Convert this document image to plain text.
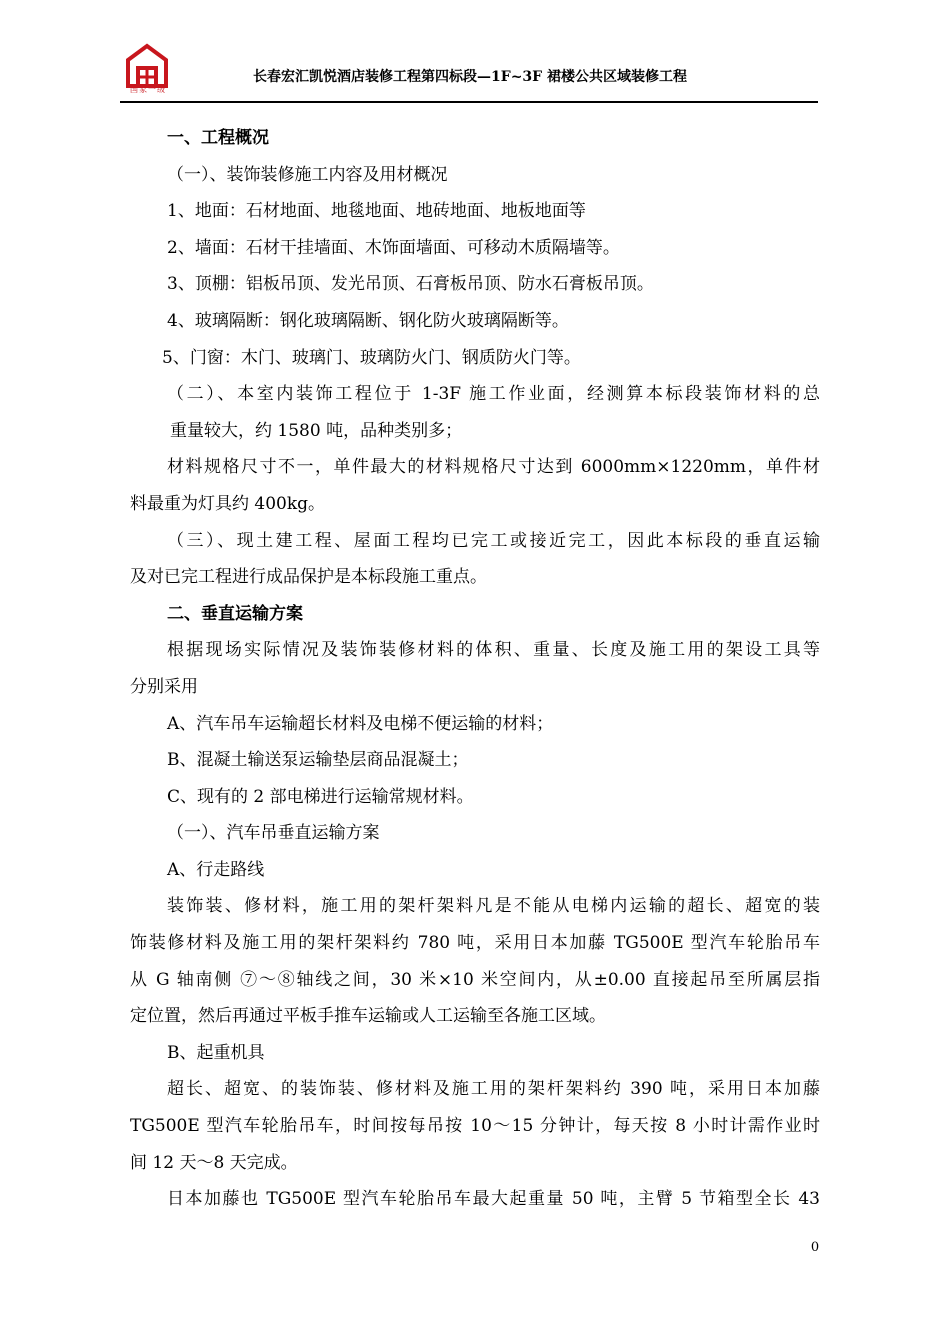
国家一级
长春宏汇凯悦酒店装修工程第四标段—1F~3F 裙楼公共区域装修工程

一、工程概况

（一）、装饰装修施工内容及用材概况

1、地面：石材地面、地毯地面、地砖地面、地板地面等

2、墙面：石材干挂墙面、木饰面墙面、可移动木质隔墙等。

3、顶棚：铝板吊顶、发光吊顶、石膏板吊顶、防水石膏板吊顶。

4、玻璃隔断：钢化玻璃隔断、钢化防火玻璃隔断等。

5、门窗：木门、玻璃门、玻璃防火门、钢质防火门等。

（二）、本室内装饰工程位于 1-3F 施工作业面，经测算本标段装饰材料的总

重量较大，约 1580 吨，品种类别多；

材料规格尺寸不一，单件最大的材料规格尺寸达到 6000mm×1220mm，单件材

料最重为灯具约 400kg。

（三）、现土建工程、屋面工程均已完工或接近完工，因此本标段的垂直运输

及对已完工程进行成品保护是本标段施工重点。

二、垂直运输方案

根据现场实际情况及装饰装修材料的体积、重量、长度及施工用的架设工具等

分别采用

A、汽车吊车运输超长材料及电梯不便运输的材料；

B、混凝土输送泵运输垫层商品混凝土；

C、现有的 2 部电梯进行运输常规材料。

（一）、汽车吊垂直运输方案

A、行走路线

装饰装、修材料，施工用的架杆架料凡是不能从电梯内运输的超长、超宽的装

饰装修材料及施工用的架杆架料约 780 吨，采用日本加藤 TG500E 型汽车轮胎吊车

从 G 轴南侧 ⑦～⑧轴线之间，30 米×10 米空间内，从±0.00 直接起吊至所属层指

定位置，然后再通过平板手推车运输或人工运输至各施工区域。

B、起重机具

超长、超宽、的装饰装、修材料及施工用的架杆架料约 390 吨，采用日本加藤

TG500E 型汽车轮胎吊车，时间按每吊按 10～15 分钟计，每天按 8 小时计需作业时

间 12 天～8 天完成。

日本加藤也 TG500E 型汽车轮胎吊车最大起重量 50 吨，主臂 5 节箱型全长 43

0
